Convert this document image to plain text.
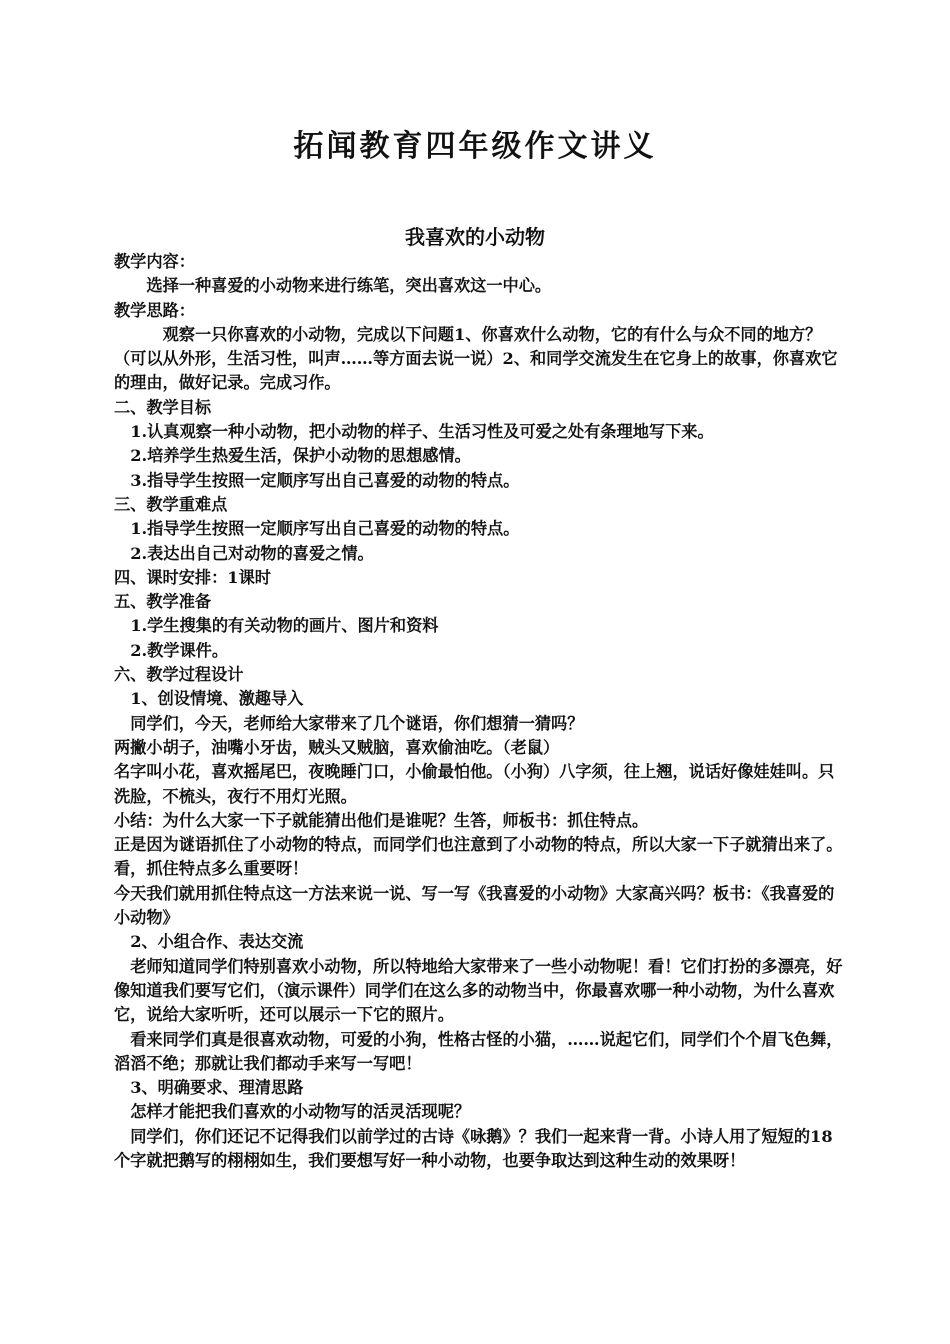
拓闻教育四年级作文讲义
我喜欢的小动物

教学内容：

选择一种喜爱的小动物来进行练笔，突出喜欢这一中心。

教学思路：

观察一只你喜欢的小动物，完成以下问题1、你喜欢什么动物，它的有什么与众不同的地方？（可以从外形，生活习性，叫声……等方面去说一说）2、和同学交流发生在它身上的故事，你喜欢它的理由，做好记录。完成习作。

二、教学目标

1.认真观察一种小动物，把小动物的样子、生活习性及可爱之处有条理地写下来。

2.培养学生热爱生活，保护小动物的思想感情。

3.指导学生按照一定顺序写出自己喜爱的动物的特点。

三、教学重难点

1.指导学生按照一定顺序写出自己喜爱的动物的特点。

2.表达出自己对动物的喜爱之情。

四、课时安排：1课时

五、教学准备

1.学生搜集的有关动物的画片、图片和资料

2.教学课件。

六、教学过程设计

1、创设情境、激趣导入

同学们，今天，老师给大家带来了几个谜语，你们想猜一猜吗？

两撇小胡子，油嘴小牙齿，贼头又贼脑，喜欢偷油吃。（老鼠）

名字叫小花，喜欢摇尾巴，夜晚睡门口，小偷最怕他。（小狗）八字须，往上翘，说话好像娃娃叫。只洗脸，不梳头，夜行不用灯光照。

小结：为什么大家一下子就能猜出他们是谁呢？生答，师板书：抓住特点。

正是因为谜语抓住了小动物的特点，而同学们也注意到了小动物的特点，所以大家一下子就猜出来了。看，抓住特点多么重要呀！

今天我们就用抓住特点这一方法来说一说、写一写《我喜爱的小动物》大家高兴吗？板书：《我喜爱的小动物》

2、小组合作、表达交流

老师知道同学们特别喜欢小动物，所以特地给大家带来了一些小动物呢！看！它们打扮的多漂亮，好像知道我们要写它们，（演示课件）同学们在这么多的动物当中，你最喜欢哪一种小动物，为什么喜欢它，说给大家听听，还可以展示一下它的照片。

看来同学们真是很喜欢动物，可爱的小狗，性格古怪的小猫，……说起它们，同学们个个眉飞色舞，滔滔不绝；那就让我们都动手来写一写吧！

3、明确要求、理清思路

怎样才能把我们喜欢的小动物写的活灵活现呢？

同学们，你们还记不记得我们以前学过的古诗《咏鹅》？我们一起来背一背。小诗人用了短短的18个字就把鹅写的栩栩如生，我们要想写好一种小动物，也要争取达到这种生动的效果呀！
